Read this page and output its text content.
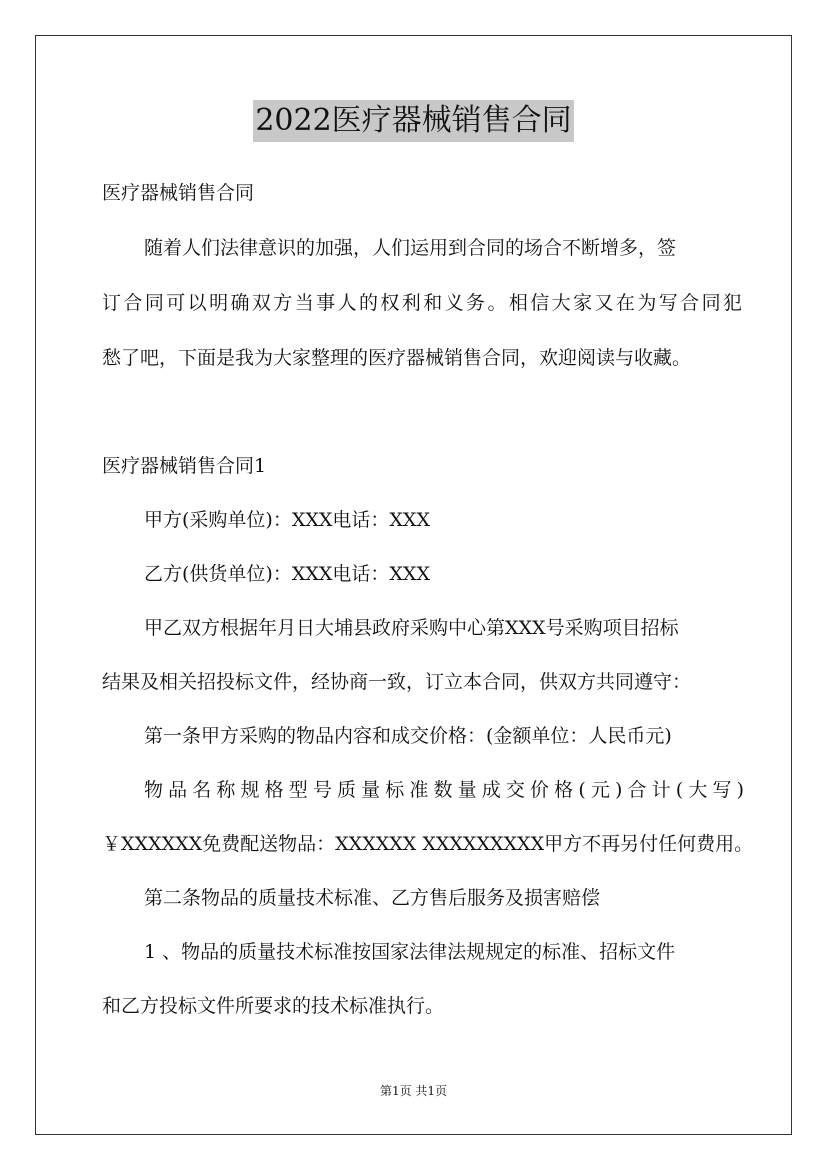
2022医疗器械销售合同
医疗器械销售合同
随着人们法律意识的加强，人们运用到合同的场合不断增多，签
订合同可以明确双方当事人的权利和义务。相信大家又在为写合同犯
愁了吧，下面是我为大家整理的医疗器械销售合同，欢迎阅读与收藏。
医疗器械销售合同1
甲方(采购单位)：XXX电话：XXX
乙方(供货单位)：XXX电话：XXX
甲乙双方根据年月日大埔县政府采购中心第XXX号采购项目招标
结果及相关招投标文件，经协商一致，订立本合同，供双方共同遵守：
第一条甲方采购的物品内容和成交价格：(金额单位：人民币元)
物品名称规格型号质量标准数量成交价格(元)合计(大写)
￥XXXXXX免费配送物品：XXXXXX XXXXXXXXX甲方不再另付任何费用。
第二条物品的质量技术标准、乙方售后服务及损害赔偿
1 、物品的质量技术标准按国家法律法规规定的标准、招标文件
和乙方投标文件所要求的技术标准执行。
第1页 共1页
